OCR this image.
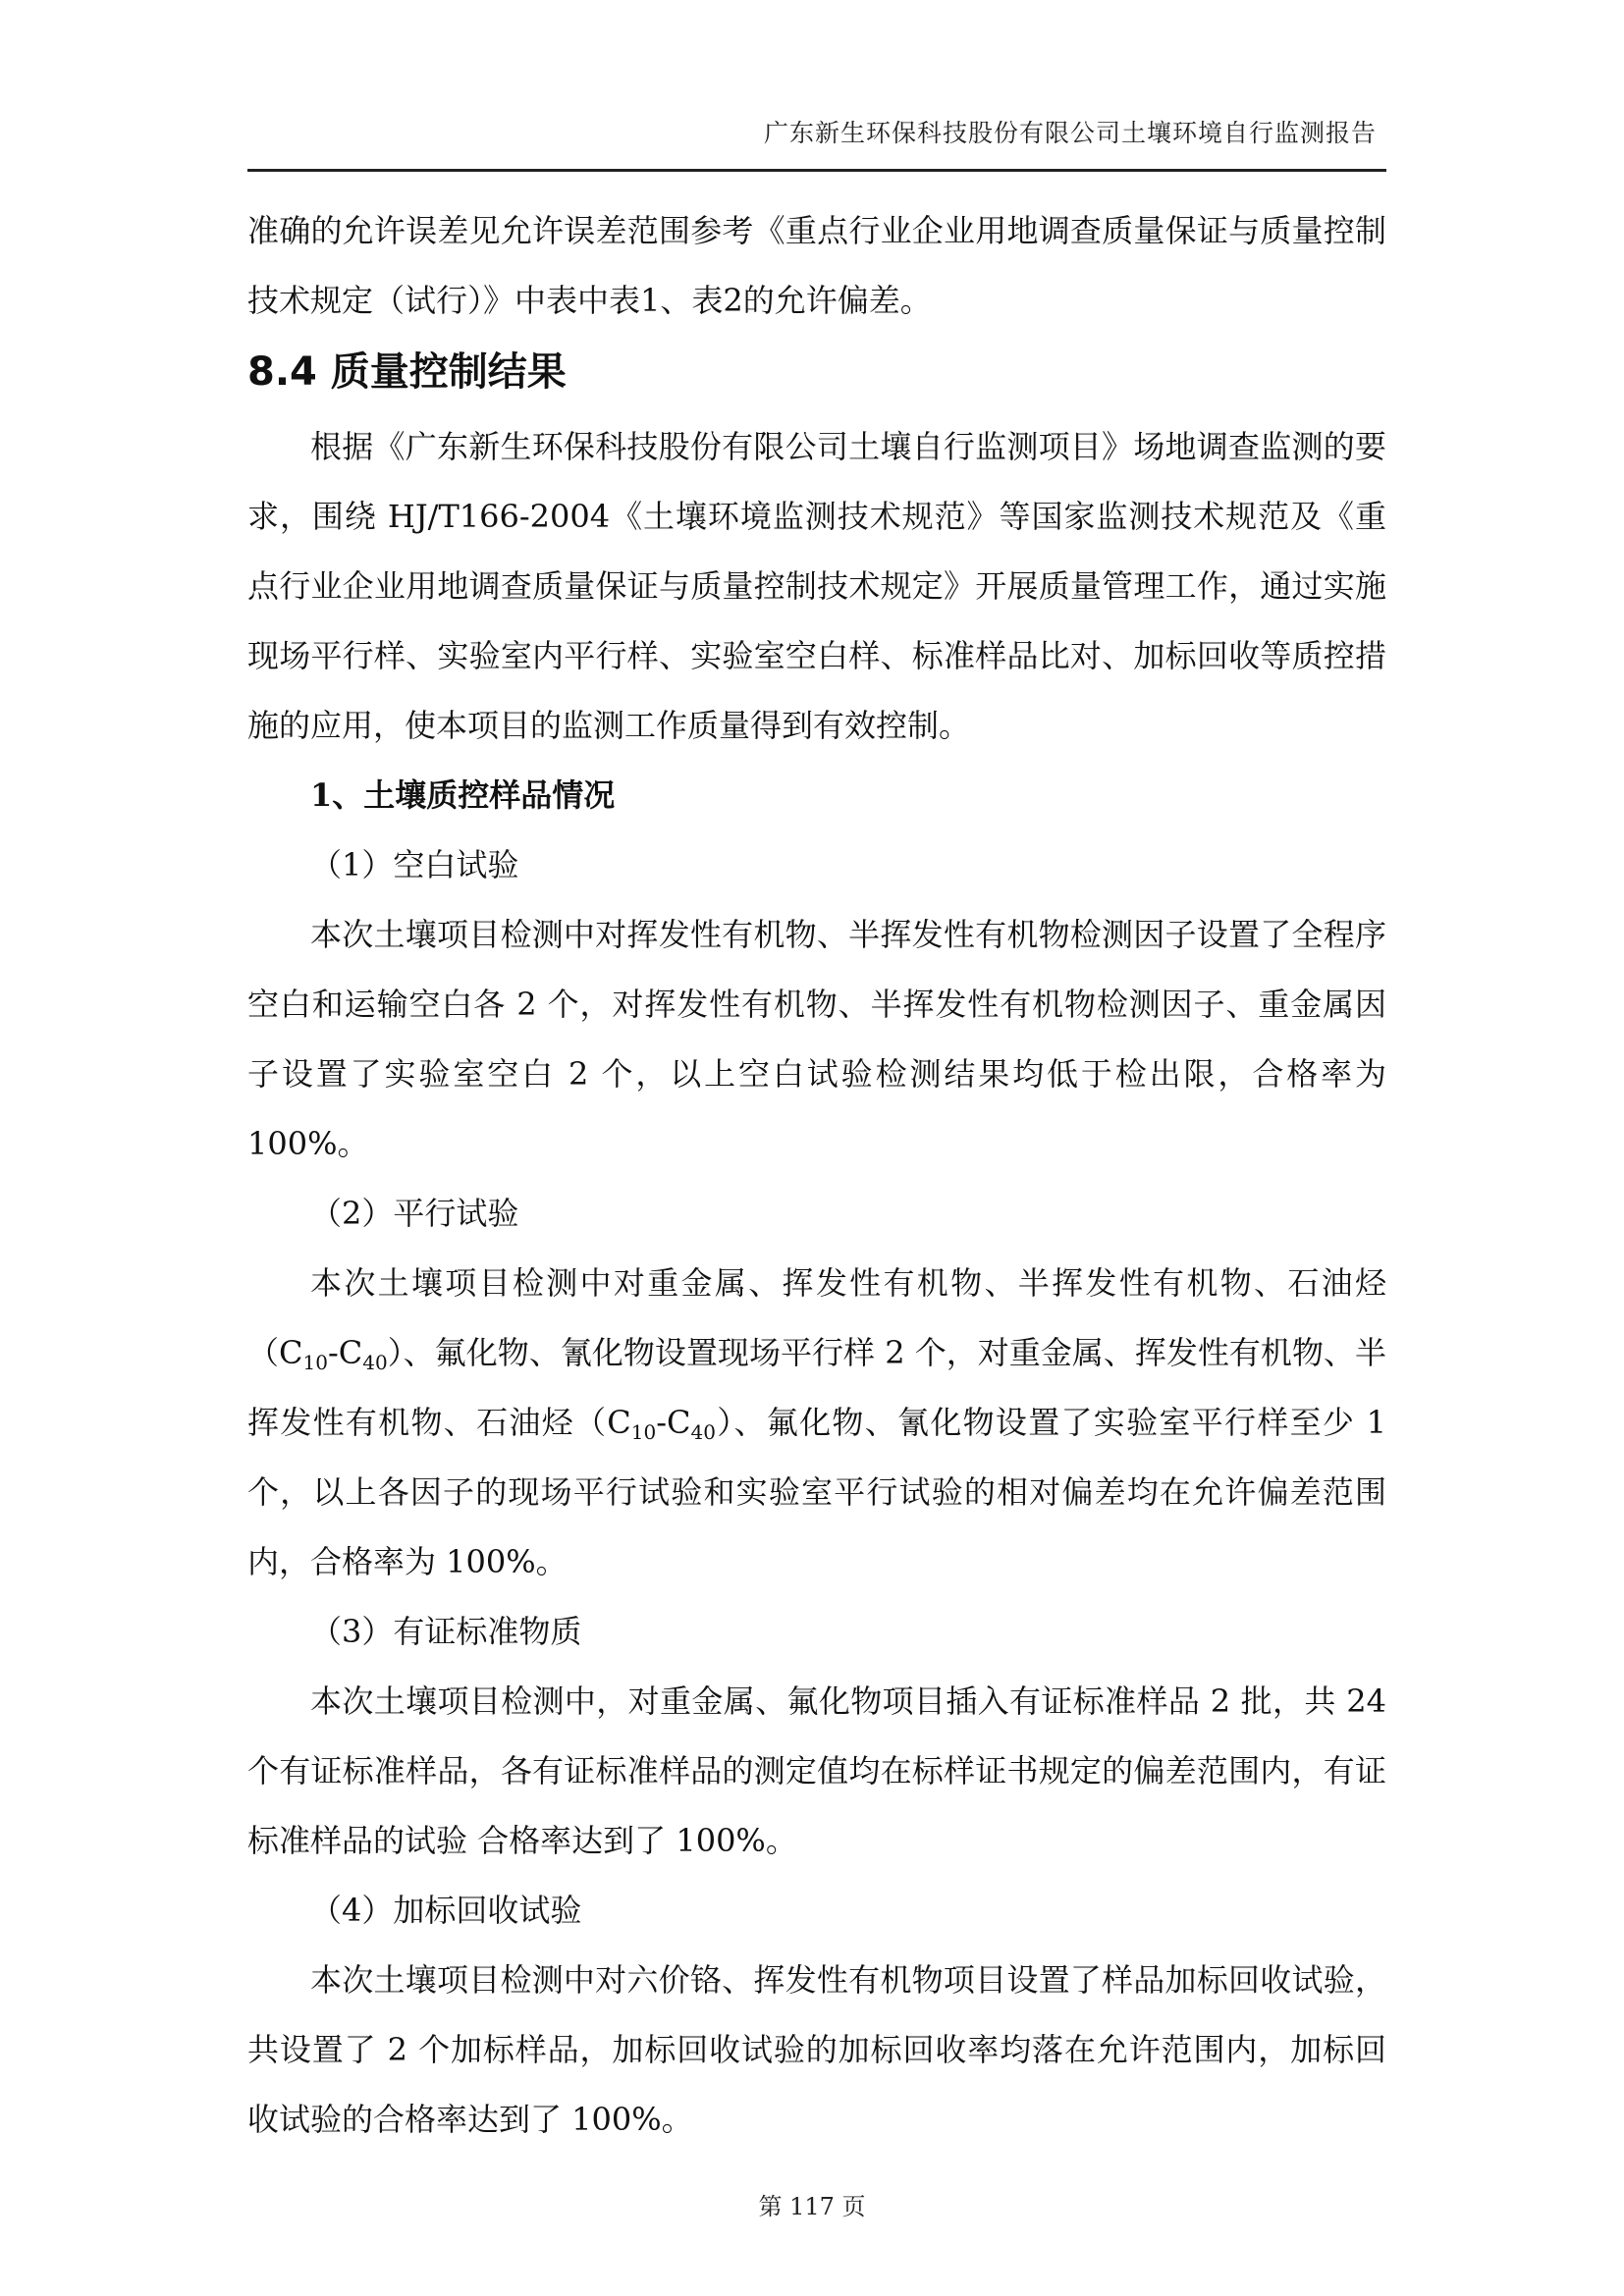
广东新生环保科技股份有限公司土壤环境自行监测报告

准确的允许误差见允许误差范围参考《重点行业企业用地调查质量保证与质量控制技术规定（试行）》中表中表1、表2的允许偏差。

8.4 质量控制结果

根据《广东新生环保科技股份有限公司土壤自行监测项目》场地调查监测的要求，围绕 HJ/T166-2004《土壤环境监测技术规范》等国家监测技术规范及《重点行业企业用地调查质量保证与质量控制技术规定》开展质量管理工作，通过实施现场平行样、实验室内平行样、实验室空白样、标准样品比对、加标回收等质控措施的应用，使本项目的监测工作质量得到有效控制。

1、土壤质控样品情况

（1）空白试验

本次土壤项目检测中对挥发性有机物、半挥发性有机物检测因子设置了全程序空白和运输空白各 2 个，对挥发性有机物、半挥发性有机物检测因子、重金属因子设置了实验室空白 2 个，以上空白试验检测结果均低于检出限，合格率为 100%。

（2）平行试验

本次土壤项目检测中对重金属、挥发性有机物、半挥发性有机物、石油烃$(C_{10}-C_{40})$、氟化物、氰化物设置现场平行样 2 个，对重金属、挥发性有机物、半挥发性有机物、石油烃$(C_{10}-C_{40})$、氟化物、氰化物设置了实验室平行样至少 1 个，以上各因子的现场平行试验和实验室平行试验的相对偏差均在允许偏差范围内，合格率为 100%。

（3）有证标准物质

本次土壤项目检测中，对重金属、氟化物项目插入有证标准样品 2 批，共 24 个有证标准样品，各有证标准样品的测定值均在标样证书规定的偏差范围内，有证标准样品的试验 合格率达到了 100%。

（4）加标回收试验

本次土壤项目检测中对六价铬、挥发性有机物项目设置了样品加标回收试验，共设置了 2 个加标样品，加标回收试验的加标回收率均落在允许范围内，加标回收试验的合格率达到了 100%。

第 117 页
